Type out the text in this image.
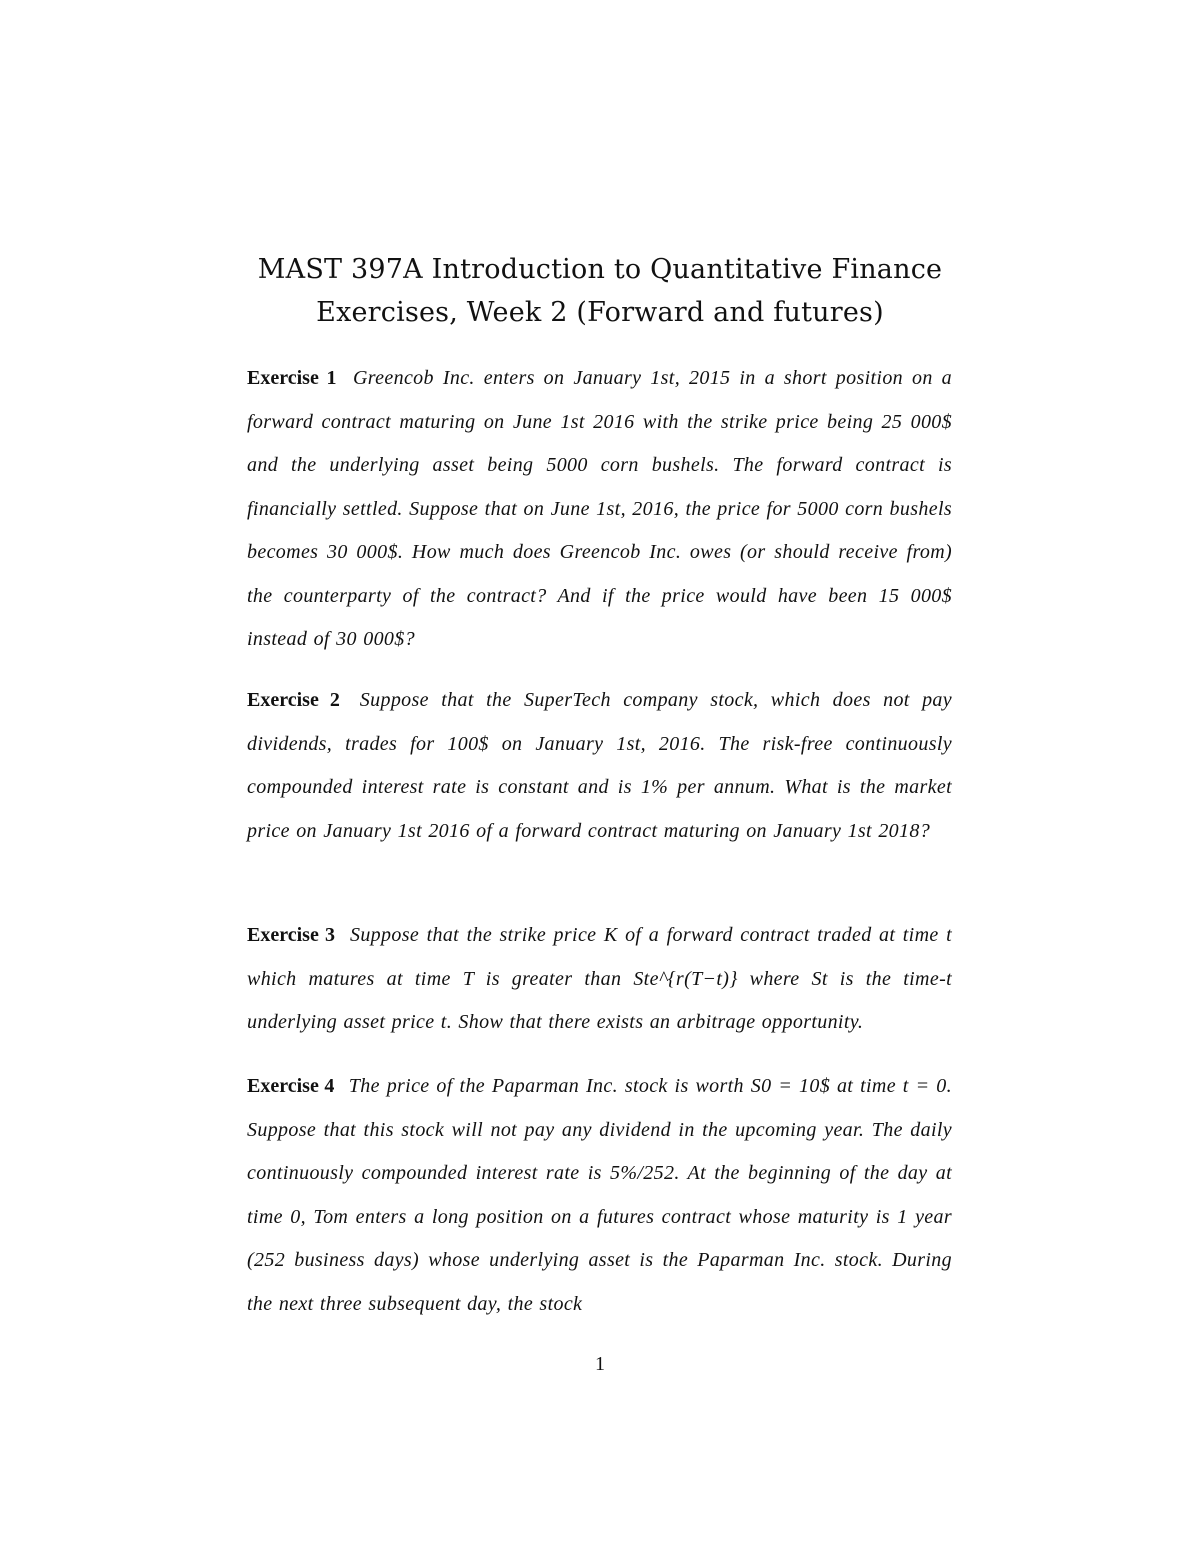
MAST 397A Introduction to Quantitative Finance
Exercises, Week 2 (Forward and futures)
Exercise 1 Greencob Inc. enters on January 1st, 2015 in a short position on a forward contract maturing on June 1st 2016 with the strike price being 25 000$ and the underlying asset being 5000 corn bushels. The forward contract is financially settled. Suppose that on June 1st, 2016, the price for 5000 corn bushels becomes 30 000$. How much does Greencob Inc. owes (or should receive from) the counterparty of the contract? And if the price would have been 15 000$ instead of 30 000$?
Exercise 2 Suppose that the SuperTech company stock, which does not pay dividends, trades for 100$ on January 1st, 2016. The risk-free continuously compounded interest rate is constant and is 1% per annum. What is the market price on January 1st 2016 of a forward contract maturing on January 1st 2018?
Exercise 3 Suppose that the strike price K of a forward contract traded at time t which matures at time T is greater than Ste^{r(T−t)} where St is the time-t underlying asset price t. Show that there exists an arbitrage opportunity.
Exercise 4 The price of the Paparman Inc. stock is worth S0 = 10$ at time t = 0. Suppose that this stock will not pay any dividend in the upcoming year. The daily continuously compounded interest rate is 5%/252. At the beginning of the day at time 0, Tom enters a long position on a futures contract whose maturity is 1 year (252 business days) whose underlying asset is the Paparman Inc. stock. During the next three subsequent day, the stock
1
